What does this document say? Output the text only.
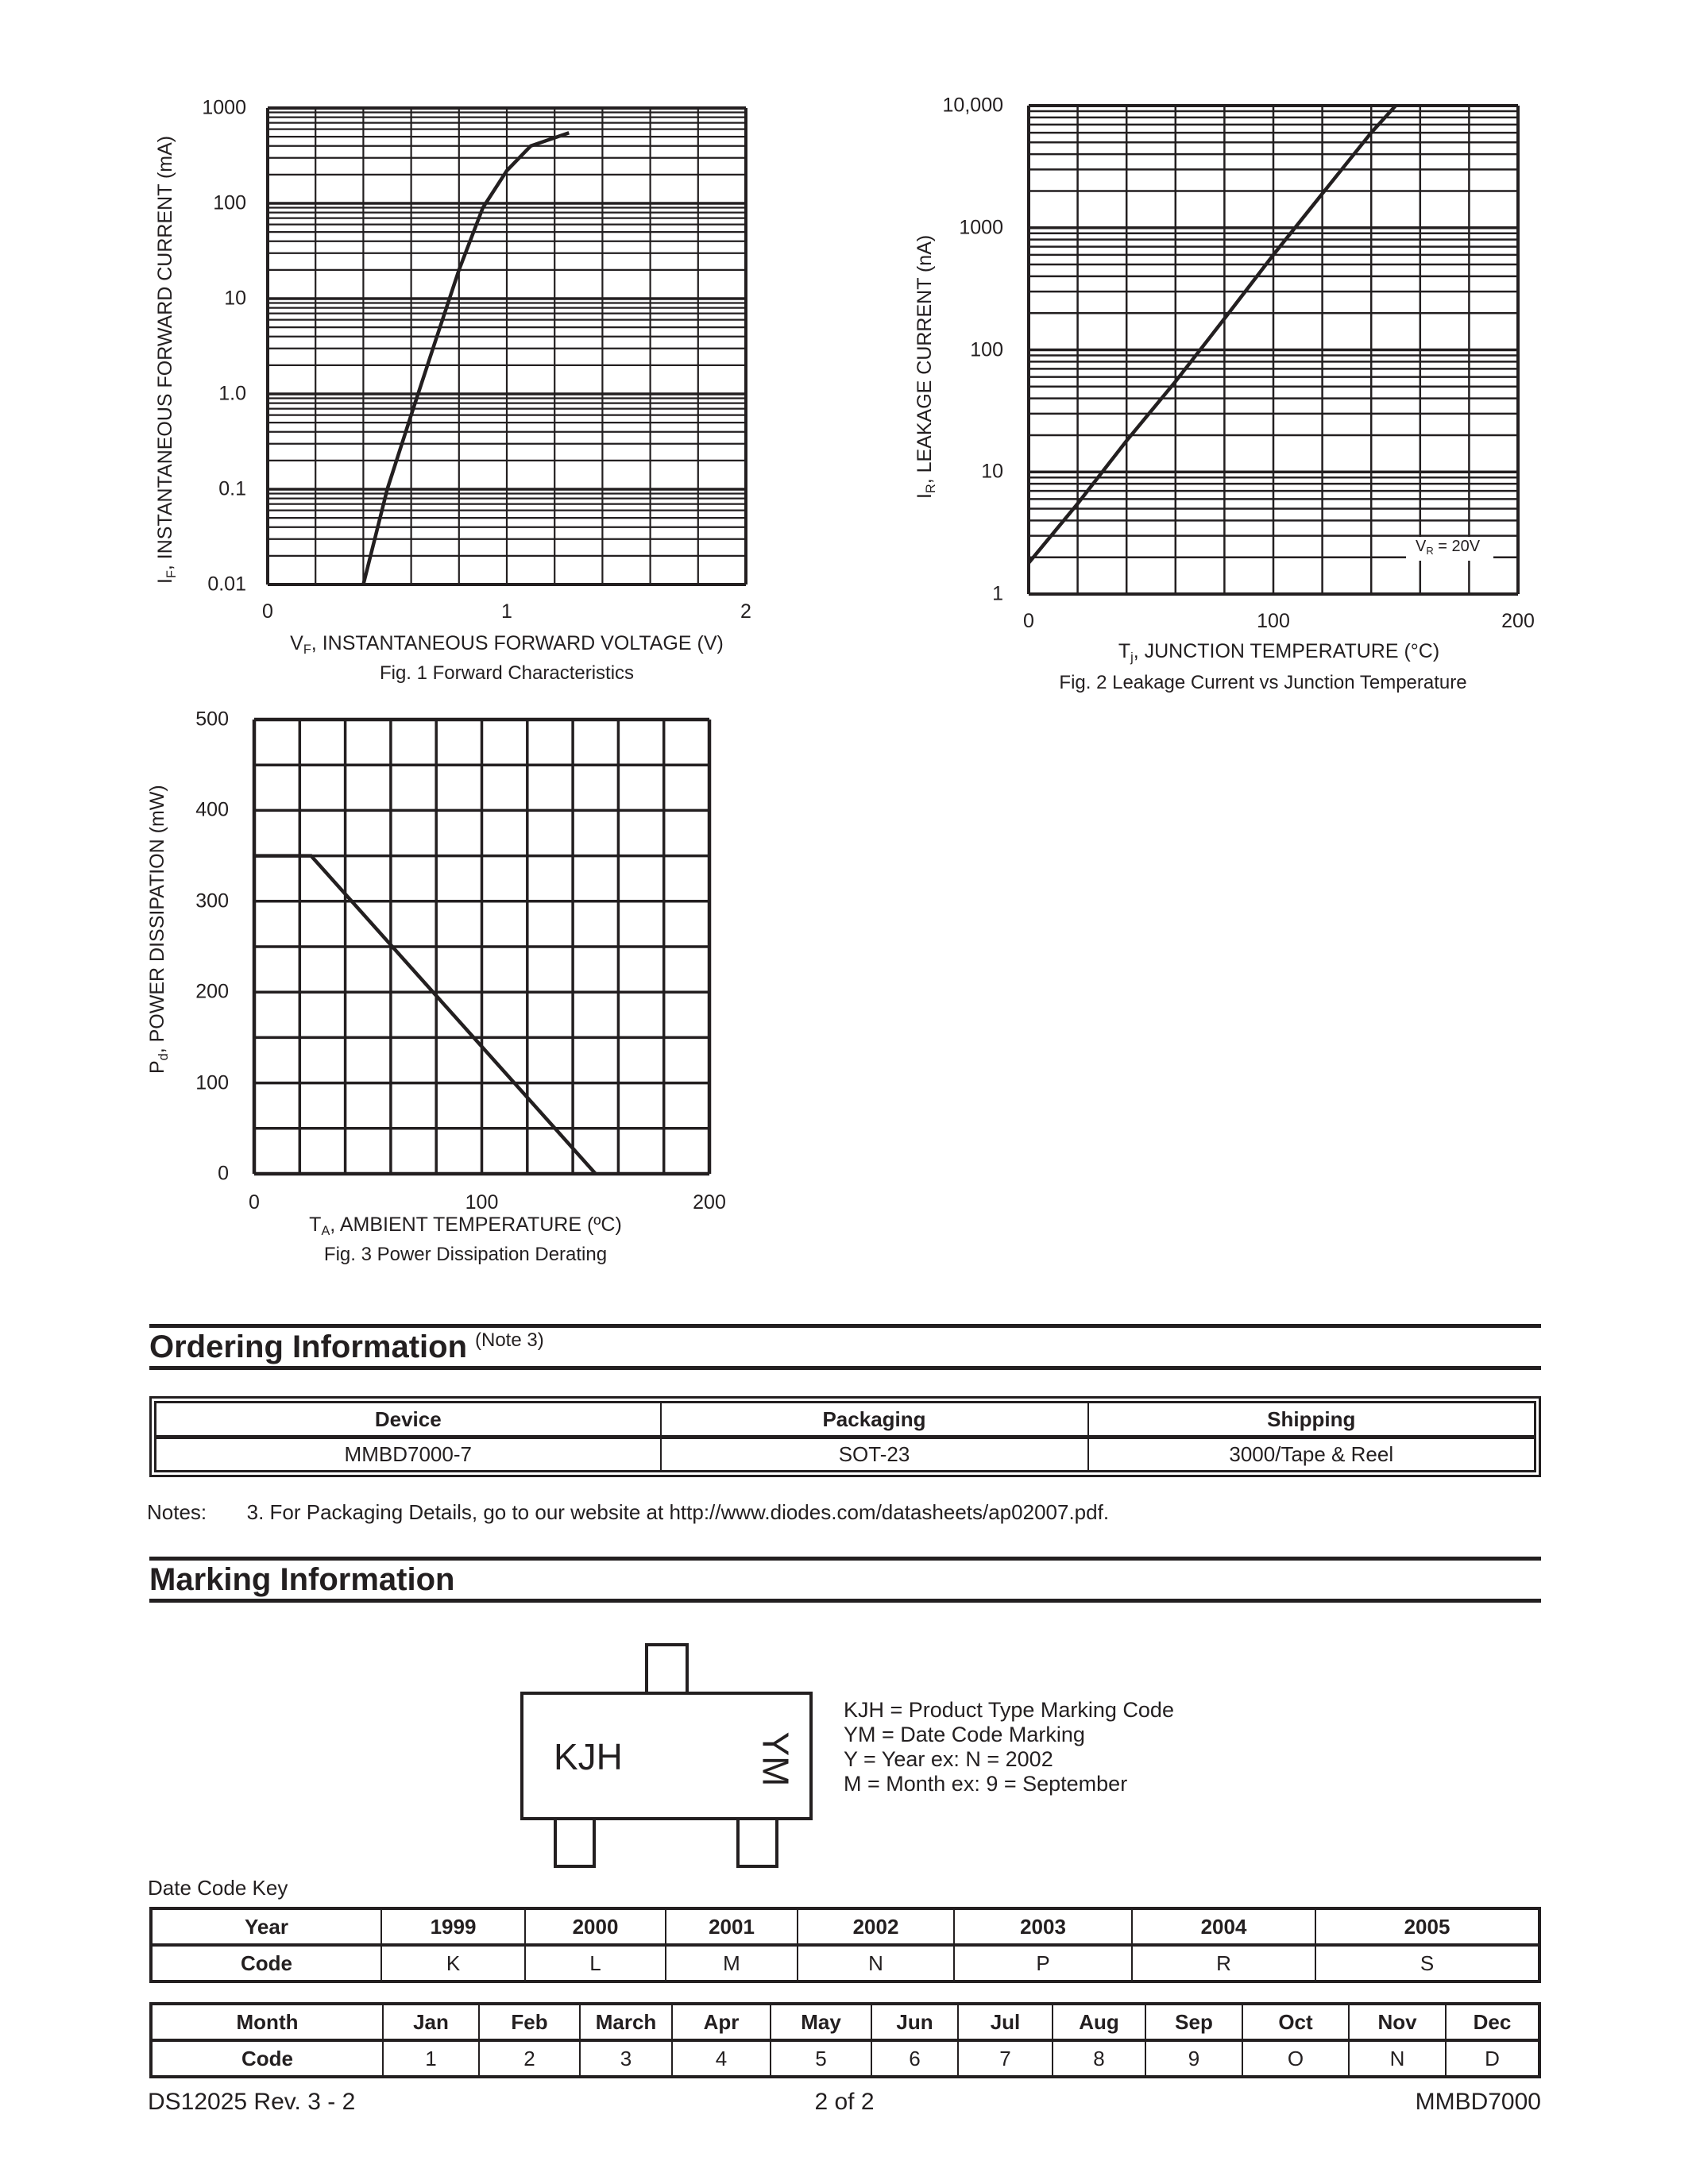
1000
100
10
1.0
0.1
0.01
0	1	2
$I_F$, INSTANTANEOUS FORWARD CURRENT (mA)
$V_F$, INSTANTANEOUS FORWARD VOLTAGE (V)
Fig. 1 Forward Characteristics
$V_R = 20V$
10,000
1000
100
10
1
0	100	200
$I_R$, LEAKAGE CURRENT (nA)
$T_j$, JUNCTION TEMPERATURE (°C)
Fig. 2 Leakage Current vs Junction Temperature
500
400
300
200
100
0
0	100	200
$P_d$, POWER DISSIPATION (mW)
$T_A$, AMBIENT TEMPERATURE (ºC)
Fig. 3 Power Dissipation Derating
Ordering Information $^{(Note 3)}$
Device	Packaging	Shipping
MMBD7000-7	SOT-23	3000/Tape & Reel
Notes: 3. For Packaging Details, go to our website at http://www.diodes.com/datasheets/ap02007.pdf.
Marking Information
KJH	YM
KJH = Product Type Marking Code
YM = Date Code Marking
Y = Year ex: N = 2002
M = Month ex: 9 = September
Date Code Key
Year	1999	2000	2001	2002	2003	2004	2005
Code	K	L	M	N	P	R	S
Month	Jan	Feb	March	Apr	May	Jun	Jul	Aug	Sep	Oct	Nov	Dec
Code	1	2	3	4	5	6	7	8	9	O	N	D
DS12025 Rev. 3 - 2	2 of 2	MMBD7000
